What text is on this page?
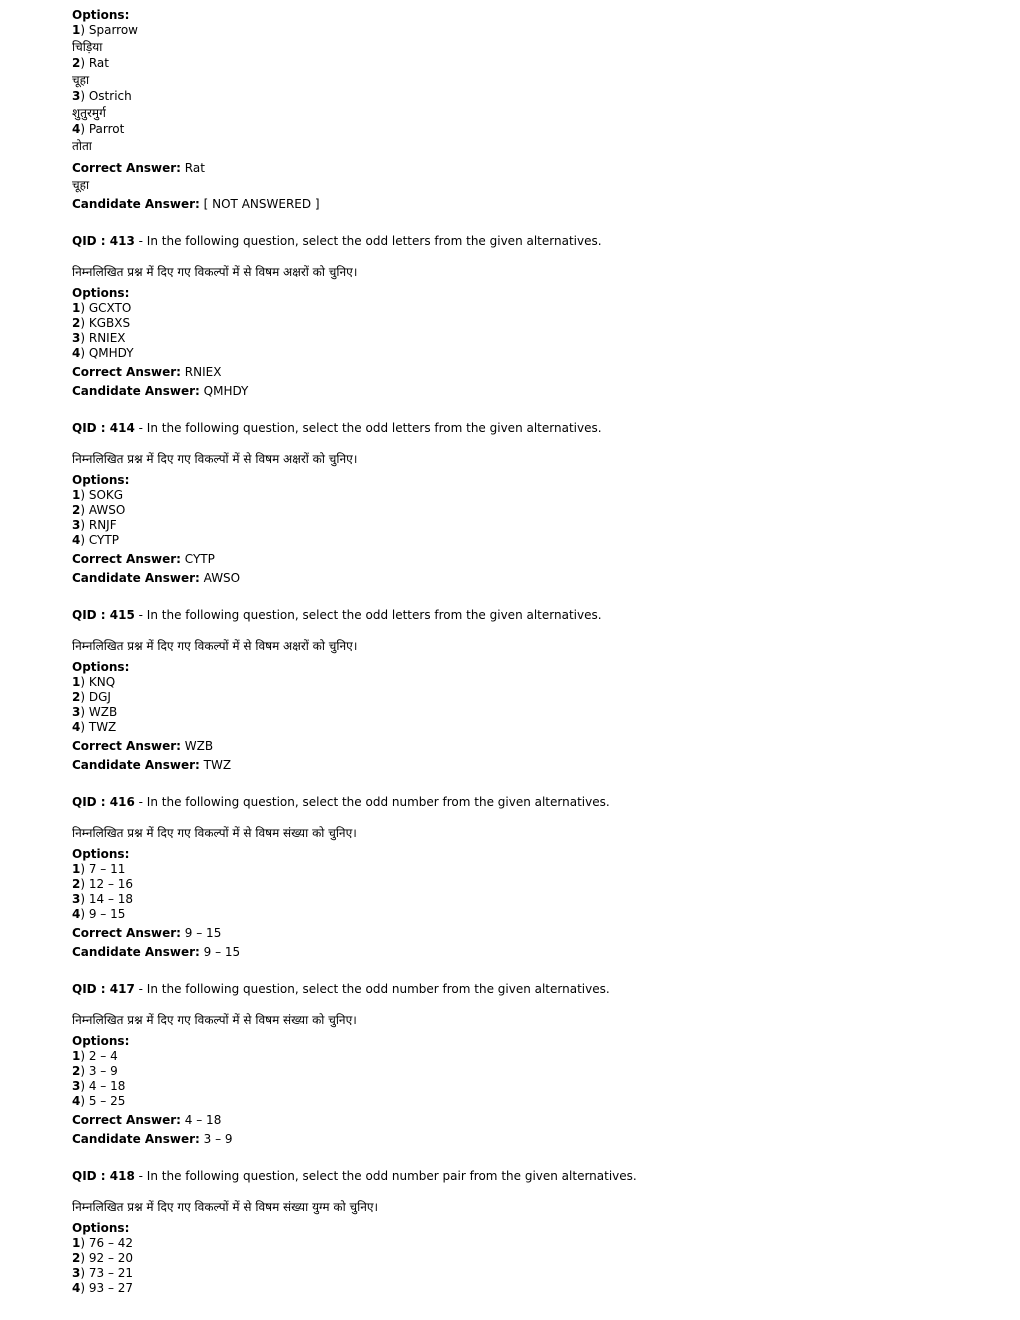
Options:
1) Sparrow
चिड़िया
2) Rat
चूहा
3) Ostrich
शुतुरमुर्ग
4) Parrot
तोता
Correct Answer: Rat
चूहा
Candidate Answer: [ NOT ANSWERED ]
QID : 413 - In the following question, select the odd letters from the given alternatives.
निम्नलिखित प्रश्न में दिए गए विकल्पों में से विषम अक्षरों को चुनिए।
Options:
1) GCXTO
2) KGBXS
3) RNIEX
4) QMHDY
Correct Answer: RNIEX
Candidate Answer: QMHDY
QID : 414 - In the following question, select the odd letters from the given alternatives.
निम्नलिखित प्रश्न में दिए गए विकल्पों में से विषम अक्षरों को चुनिए।
Options:
1) SOKG
2) AWSO
3) RNJF
4) CYTP
Correct Answer: CYTP
Candidate Answer: AWSO
QID : 415 - In the following question, select the odd letters from the given alternatives.
निम्नलिखित प्रश्न में दिए गए विकल्पों में से विषम अक्षरों को चुनिए।
Options:
1) KNQ
2) DGJ
3) WZB
4) TWZ
Correct Answer: WZB
Candidate Answer: TWZ
QID : 416 - In the following question, select the odd number from the given alternatives.
निम्नलिखित प्रश्न में दिए गए विकल्पों में से विषम संख्या को चुनिए।
Options:
1) 7 – 11
2) 12 – 16
3) 14 – 18
4) 9 – 15
Correct Answer: 9 – 15
Candidate Answer: 9 – 15
QID : 417 - In the following question, select the odd number from the given alternatives.
निम्नलिखित प्रश्न में दिए गए विकल्पों में से विषम संख्या को चुनिए।
Options:
1) 2 – 4
2) 3 – 9
3) 4 – 18
4) 5 – 25
Correct Answer: 4 – 18
Candidate Answer: 3 – 9
QID : 418 - In the following question, select the odd number pair from the given alternatives.
निम्नलिखित प्रश्न में दिए गए विकल्पों में से विषम संख्या युग्म को चुनिए।
Options:
1) 76 – 42
2) 92 – 20
3) 73 – 21
4) 93 – 27
